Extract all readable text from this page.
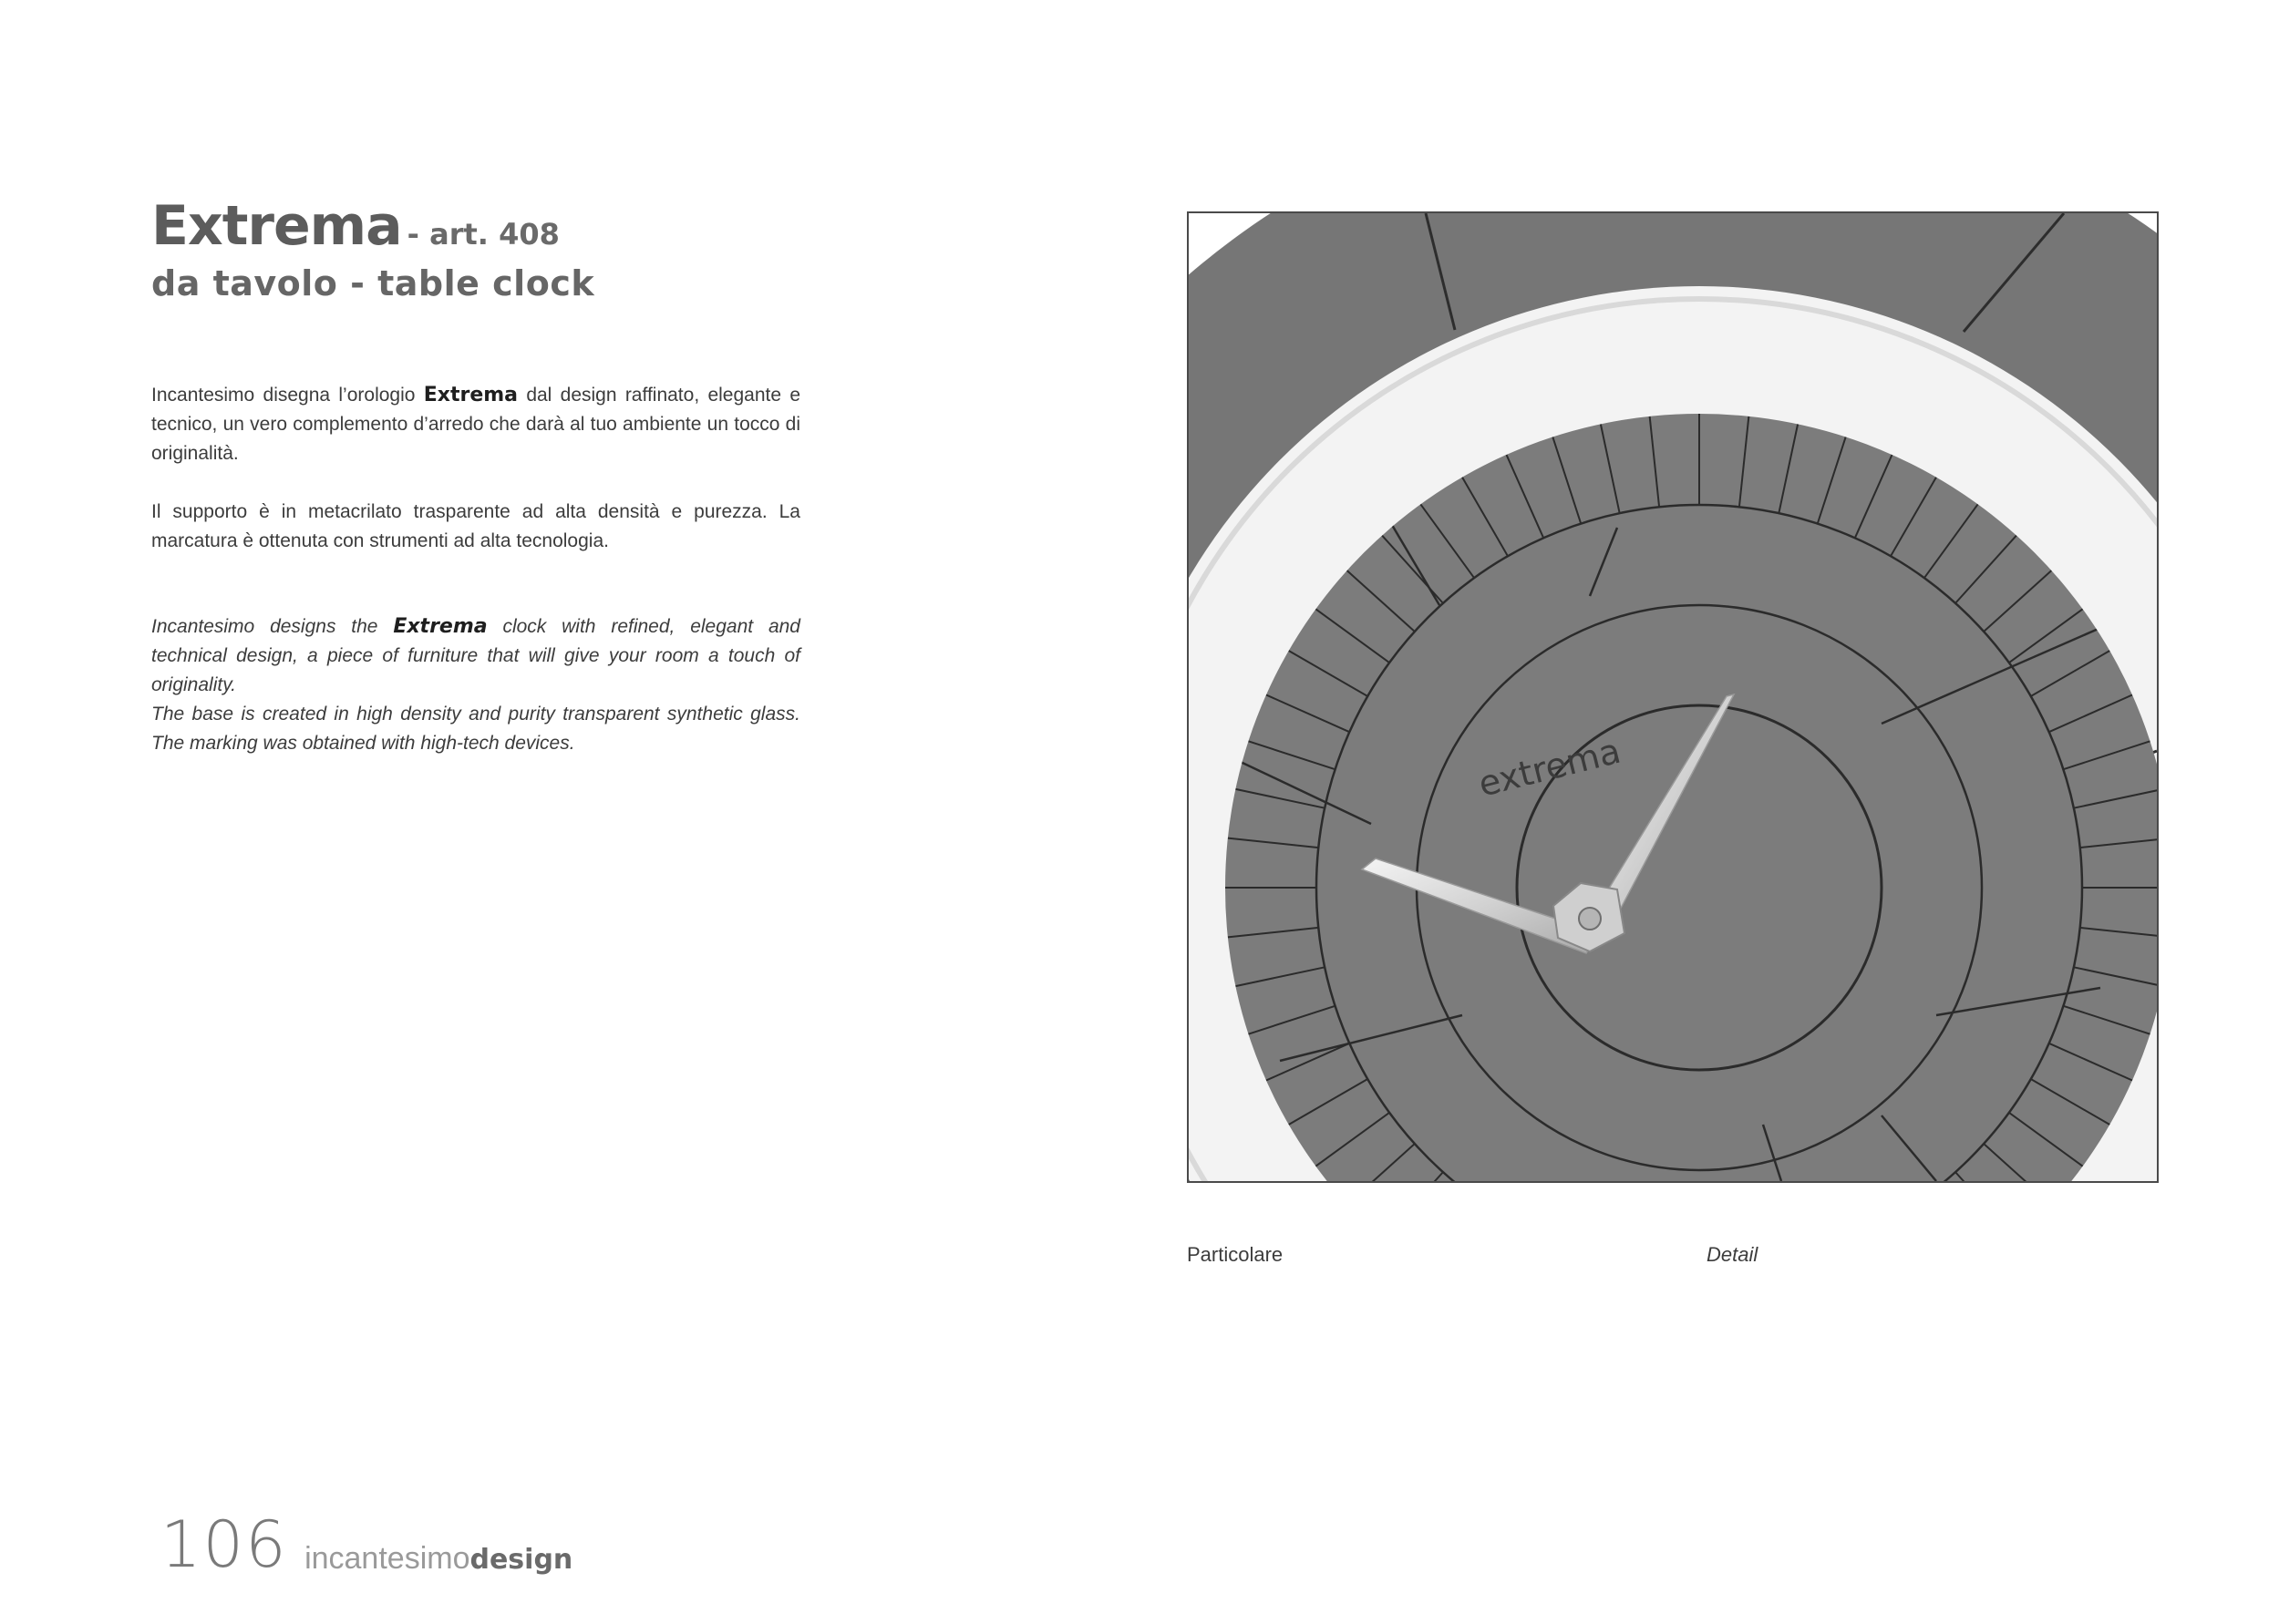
Extrema - art. 408
da tavolo - table clock

Incantesimo disegna l’orologio Extrema dal design raffinato, elegante e tecnico, un vero complemento d’arredo che darà al tuo ambiente un tocco di originalità.

Il supporto è in metacrilato trasparente ad alta densità e purezza. La marcatura è ottenuta con strumenti ad alta tecnologia.

Incantesimo designs the Extrema clock with refined, elegant and technical design, a piece of furniture that will give your room a touch of originality.

The base is created in high density and purity transparent synthetic glass. The marking was obtained with high-tech devices.	extrema
Particolare	Detail
106 incantesimodesign
